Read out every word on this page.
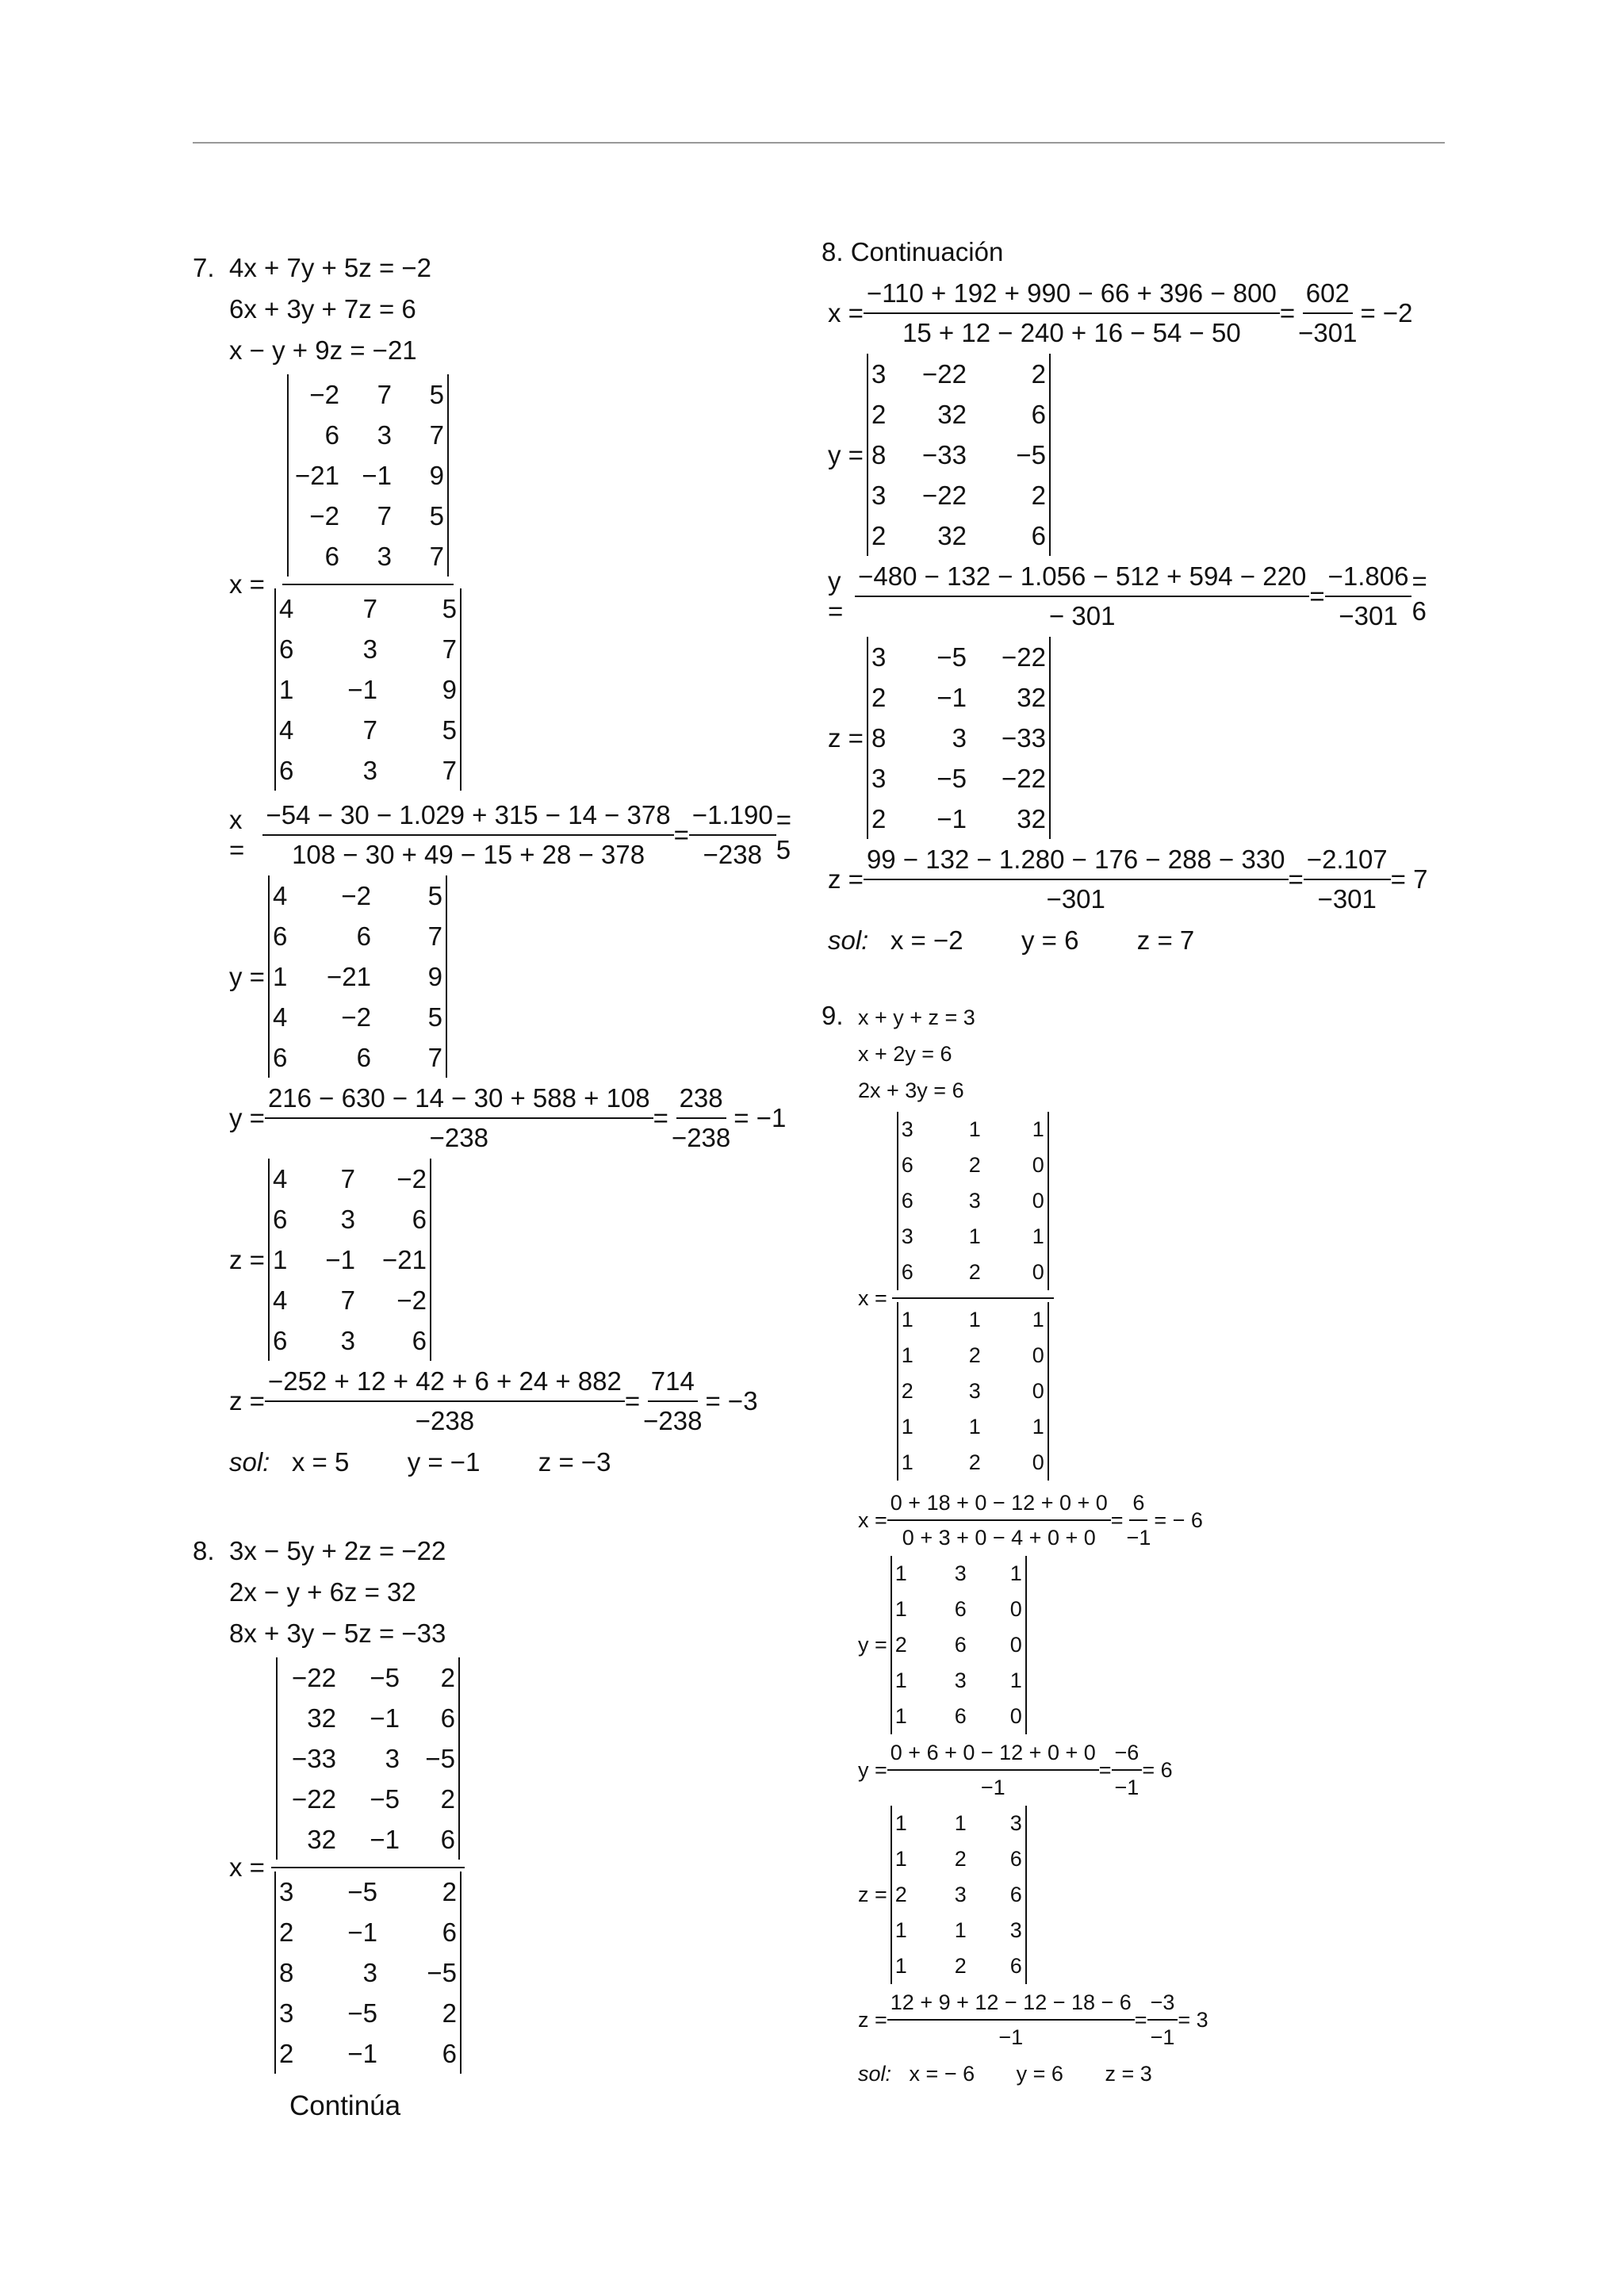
7. 4x + 7y + 5z = −2
6x + 3y + 7z = 6
x − y + 9z = −21
x = −2	7	5
6	3	7
−21	−1	9
−2	7	5
6	3	7
4	7	5
6	3	7
1	−1	9
4	7	5
6	3	7
$x = \frac{-54 - 30 - 1.029 + 315 - 14 - 378}{108 - 30 + 49 - 15 + 28 - 378} = \frac{-1.190}{-238} = 5$
y =
4	−2	5
6	6	7
1	−21	9
4	−2	5
6	6	7
$y = \frac{216 - 630 - 14 - 30 + 588 + 108}{-238} = \frac{238}{-238} = -1$
z =
4	7	−2
6	3	6
1	−1	−21
4	7	−2
6	3	6
$z = \frac{-252 + 12 + 42 + 6 + 24 + 882}{-238} = \frac{714}{-238} = -3$
sol: x = 5 y = −1 z = −3
8. 3x − 5y + 2z = −22
2x − y + 6z = 32
8x + 3y − 5z = −33
x = −22	−5	2
32	−1	6
−33	3	−5
−22	−5	2
32	−1	6
3	−5	2
2	−1	6
8	3	−5
3	−5	2
2	−1	6
Continúa
8. Continuación
$x = \frac{-110 + 192 + 990 - 66 + 396 - 800}{15 + 12 - 240 + 16 - 54 - 50} = \frac{602}{-301} = -2$
y =
3	−22	2
2	32	6
8	−33	−5
3	−22	2
2	32	6
$y = \frac{-480 - 132 - 1.056 - 512 + 594 - 220}{- 301} = \frac{-1.806}{-301} = 6$
z =
3	−5	−22
2	−1	32
8	3	−33
3	−5	−22
2	−1	32
$z = \frac{99 - 132 - 1.280 - 176 - 288 - 330}{-301} = \frac{-2.107}{-301} = 7$
sol: x = −2 y = 6 z = 7
9. x + y + z = 3
x + 2y = 6
2x + 3y = 6
x = 3	1	1
6	2	0
6	3	0
3	1	1
6	2	0
1	1	1
1	2	0
2	3	0
1	1	1
1	2	0
$x = \frac{0 + 18 + 0 - 12 + 0 + 0}{0 + 3 + 0 - 4 + 0 + 0} = \frac{6}{-1}$ = − 6
y =
1	3	1
1	6	0
2	6	0
1	3	1
1	6	0
$y = \frac{0 + 6 + 0 - 12 + 0 + 0}{-1} = \frac{-6}{-1} = 6$
z =
1	1	3
1	2	6
2	3	6
1	1	3
1	2	6
$z = \frac{12 + 9 + 12 - 12 - 18 - 6}{-1} = \frac{-3}{-1} = 3$
sol: x = − 6 y = 6 z = 3
